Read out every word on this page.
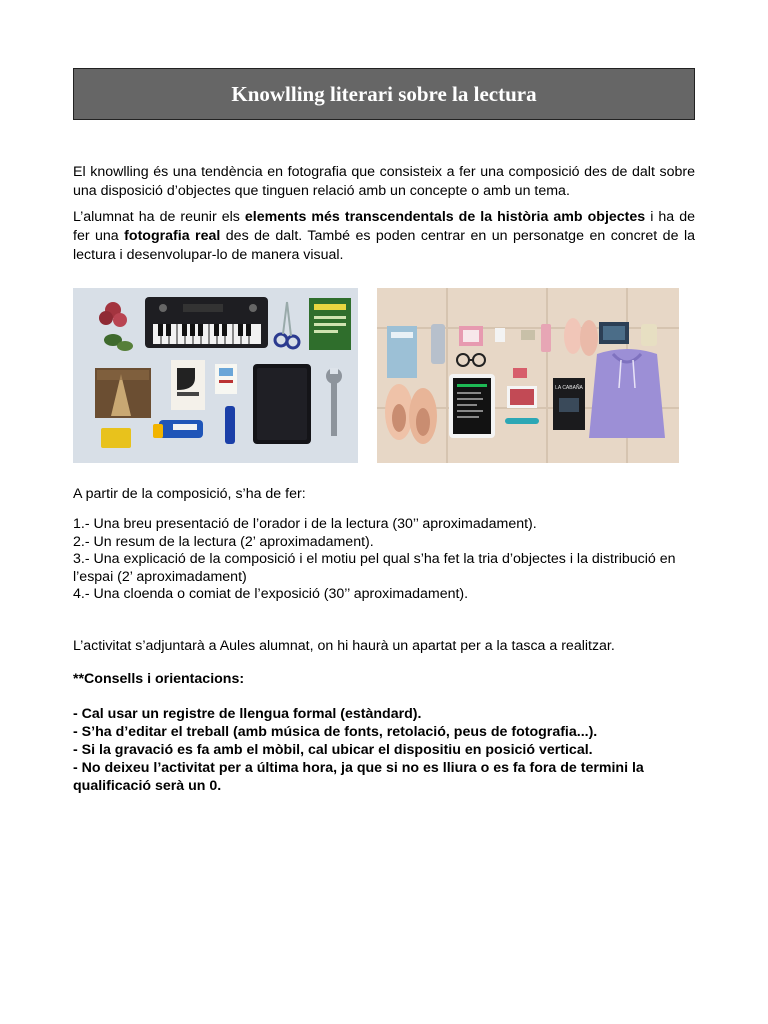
Knowlling literari sobre la lectura

El knowlling és una tendència en fotografia que consisteix a fer una composició des de dalt sobre una disposició d’objectes que tinguen relació amb un concepte o amb un tema.

L’alumnat ha de reunir els elements més transcendentals de la història amb objectes i ha de fer una fotografia real des de dalt. També es poden centrar en un personatge en concret de la lectura i desenvolupar-lo de manera visual.

LA CABAÑA

A partir de la composició, s’ha de fer:

1.- Una breu presentació de l’orador i de la lectura (30’’ aproximadament).

2.- Un resum de la lectura (2’ aproximadament).

3.- Una explicació de la composició i el motiu pel qual s’ha fet la tria d’objectes i la distribució en l’espai (2’ aproximadament)

4.- Una cloenda o comiat de l’exposició (30’’ aproximadament).

L’activitat s’adjuntarà a Aules alumnat, on hi haurà un apartat per a la tasca a realitzar.

**Consells i orientacions:

- Cal usar un registre de llengua formal (estàndard).

- S’ha d’editar el treball (amb música de fonts, retolació, peus de fotografia...).

- Si la gravació es fa amb el mòbil, cal ubicar el dispositiu en posició vertical.

- No deixeu l’activitat per a última hora, ja que si no es lliura o es fa fora de termini la qualificació serà un 0.
